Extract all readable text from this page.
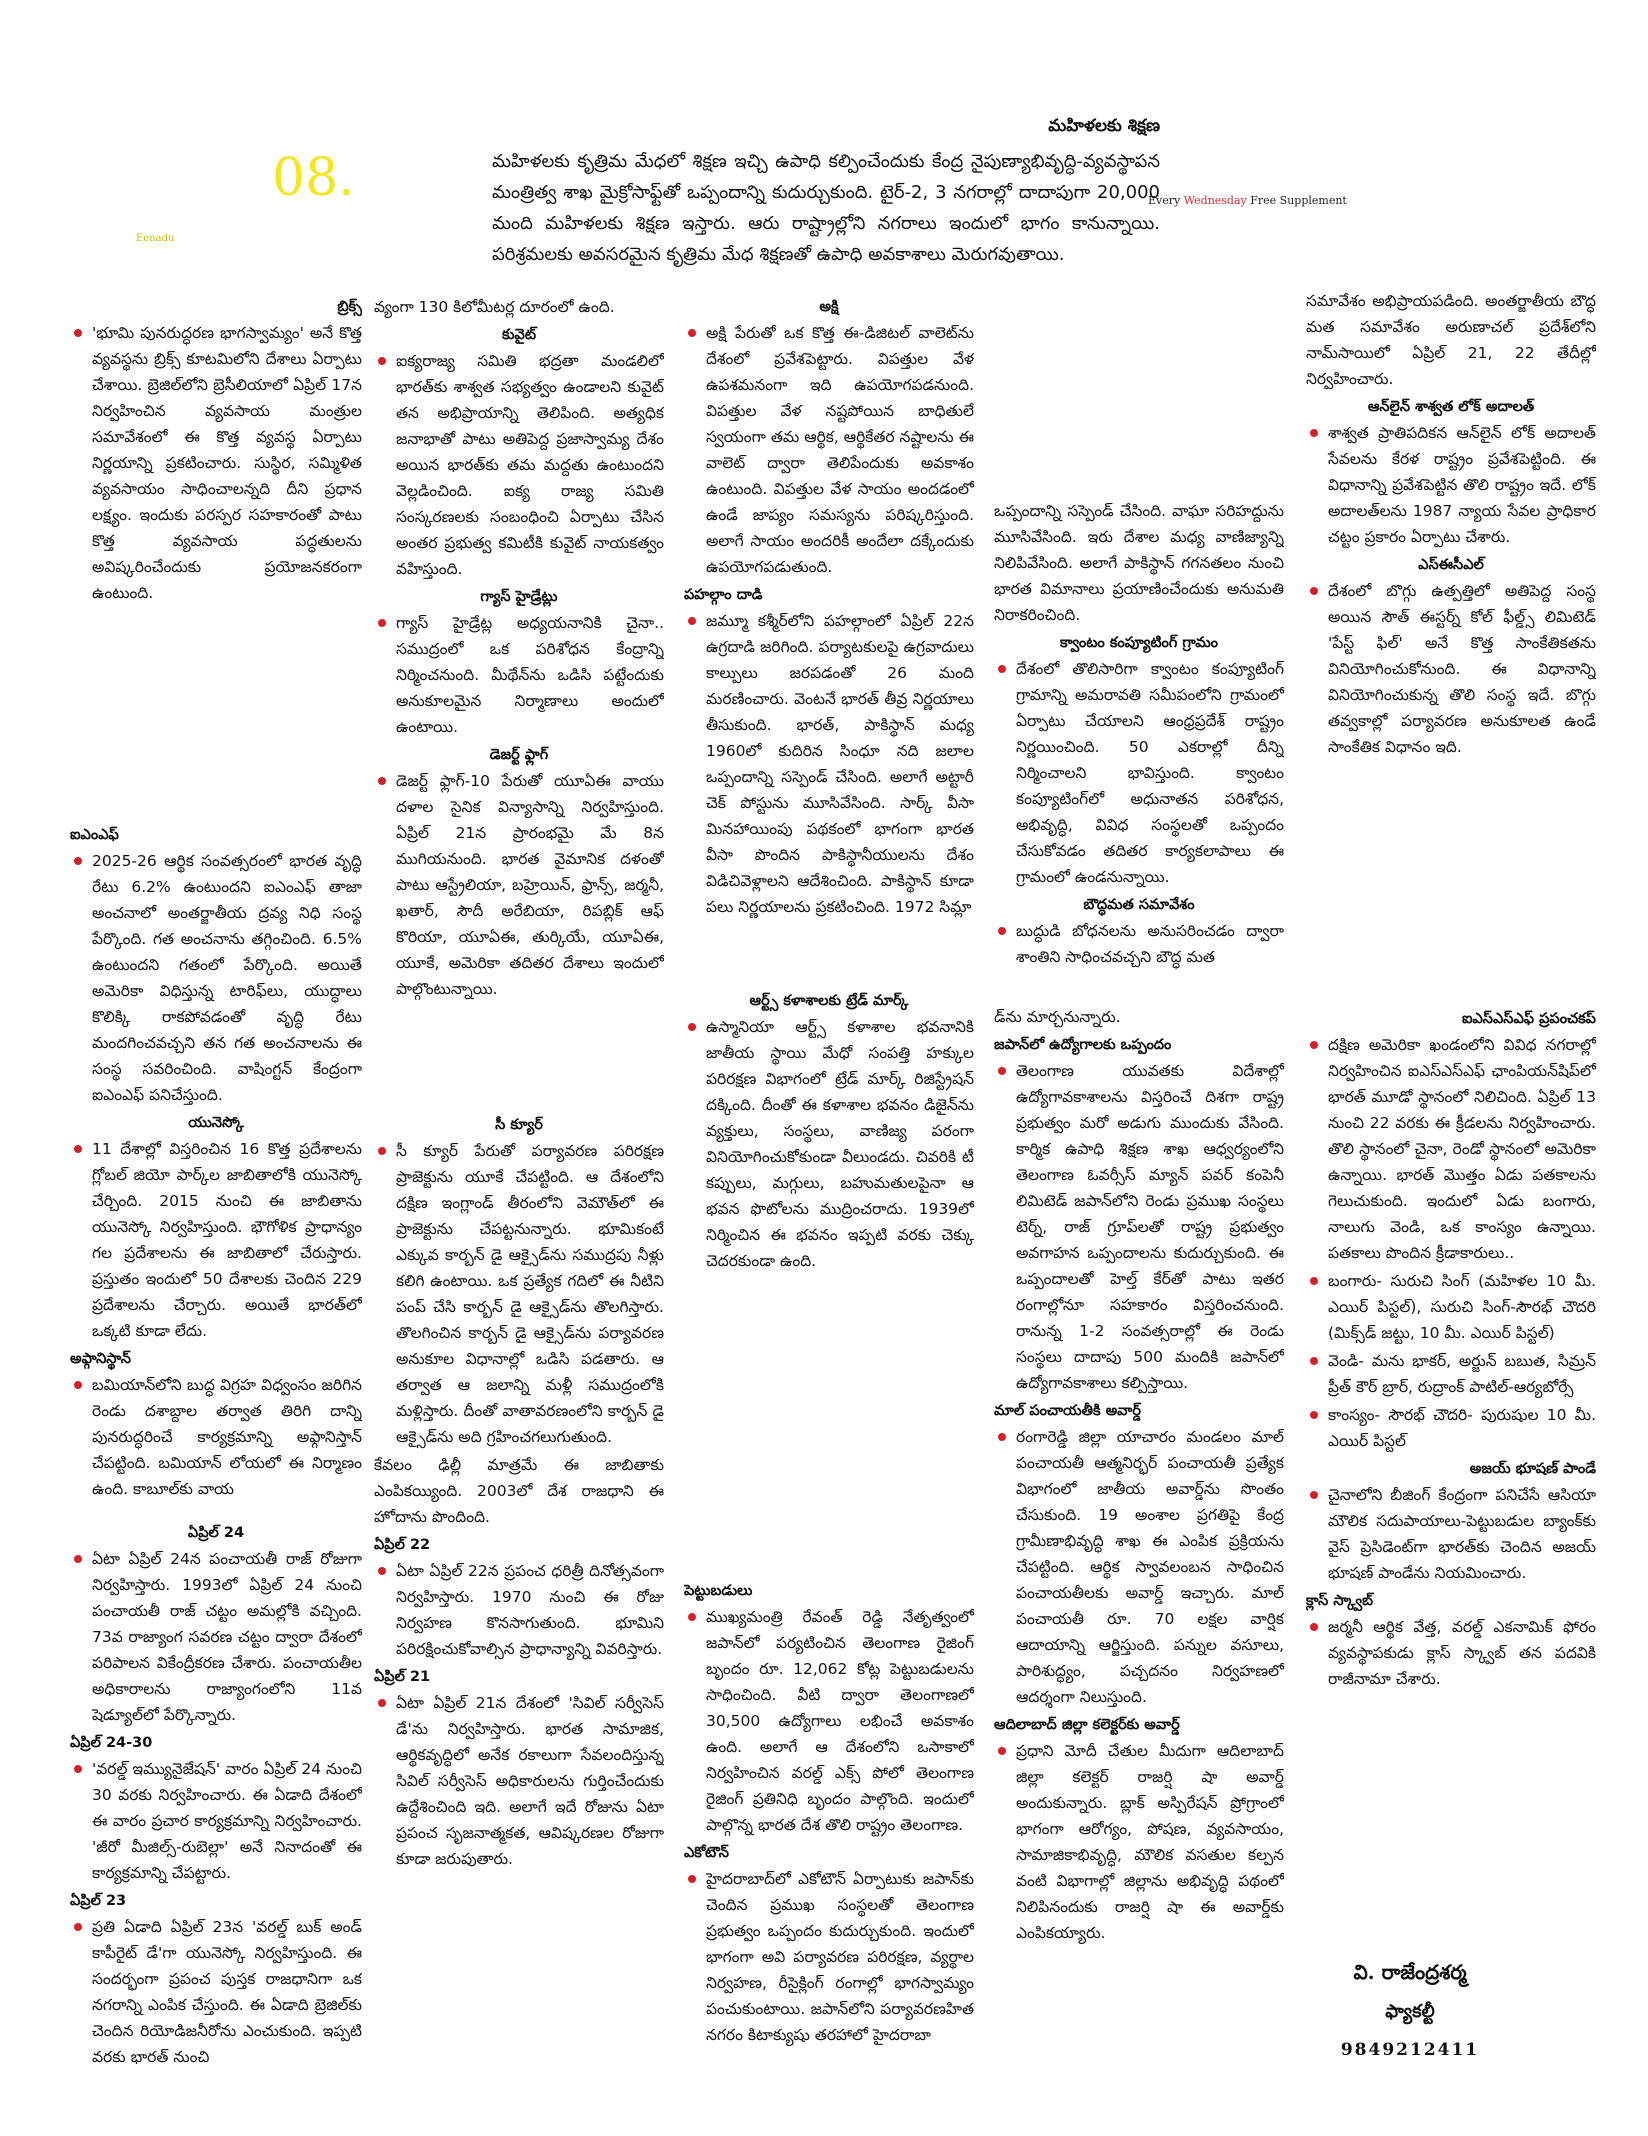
08.
Eenadu
Every Wednesday Free Supplement
మహిళలకు శిక్షణ
మహిళలకు కృత్రిమ మేధలో శిక్షణ ఇచ్చి ఉపాధి కల్పించేందుకు కేంద్ర నైపుణ్యాభివృద్ధి-వ్యవస్థాపన మంత్రిత్వ శాఖ మైక్రోసాఫ్ట్‌తో ఒప్పందాన్ని కుదుర్చుకుంది. టైర్-2, 3 నగరాల్లో దాదాపుగా 20,000 మంది మహిళలకు శిక్షణ ఇస్తారు. ఆరు రాష్ట్రాల్లోని నగరాలు ఇందులో భాగం కానున్నాయి. పరిశ్రమలకు అవసరమైన కృత్రిమ మేధ శిక్షణతో ఉపాధి అవకాశాలు మెరుగవుతాయి.

బ్రిక్స్

'భూమి పునరుద్ధరణ భాగస్వామ్యం' అనే కొత్త వ్యవస్థను బ్రిక్స్ కూటమిలోని దేశాలు ఏర్పాటు చేశాయి. బ్రెజిల్‌లోని బ్రెసీలియాలో ఏప్రిల్ 17న నిర్వహించిన వ్యవసాయ మంత్రుల సమావేశంలో ఈ కొత్త వ్యవస్థ ఏర్పాటు నిర్ణయాన్ని ప్రకటించారు. సుస్థిర, సమ్మిళిత వ్యవసాయం సాధించాలన్నది దీని ప్రధాన లక్ష్యం. ఇందుకు పరస్పర సహకారంతో పాటు కొత్త వ్యవసాయ పద్ధతులను అవిష్కరించేందుకు ప్రయోజనకరంగా ఉంటుంది.

ఐఎంఎఫ్

2025-26 ఆర్థిక సంవత్సరంలో భారత వృద్ధి రేటు 6.2% ఉంటుందని ఐఎంఎఫ్ తాజా అంచనాలో అంతర్జాతీయ ద్రవ్య నిధి సంస్థ పేర్కొంది. గత అంచనాను తగ్గించింది. 6.5% ఉంటుందని గతంలో పేర్కొంది. అయితే అమెరికా విధిస్తున్న టారిఫ్‌లు, యుద్ధాలు కొలిక్కి రాకపోవడంతో వృద్ధి రేటు మందగించవచ్చని తన గత అంచనాలను ఈ సంస్థ సవరించింది. వాషింగ్టన్ కేంద్రంగా ఐఎంఎఫ్ పనిచేస్తుంది.

యునెస్కో

11 దేశాల్లో విస్తరించిన 16 కొత్త ప్రదేశాలను గ్లోబల్ జియో పార్క్‌ల జాబితాలోకి యునెస్కో చేర్చింది. 2015 నుంచి ఈ జాబితాను యునెస్కో నిర్వహిస్తుంది. భౌగోళిక ప్రాధాన్యం గల ప్రదేశాలను ఈ జాబితాలో చేరుస్తారు. ప్రస్తుతం ఇందులో 50 దేశాలకు చెందిన 229 ప్రదేశాలను చేర్చారు. అయితే భారత్‌లో ఒక్కటి కూడా లేదు.

అఫ్గానిస్థాన్

బమియాన్‌లోని బుద్ధ విగ్రహ విధ్వంసం జరిగిన రెండు దశాబ్దాల తర్వాత తిరిగి దాన్ని పునరుద్ధరించే కార్యక్రమాన్ని అఫ్గానిస్తాన్ చేపట్టింది. బమియాన్ లోయలో ఈ నిర్మాణం ఉంది. కాబూల్‌కు వాయ

ఏప్రిల్ 24

ఏటా ఏప్రిల్ 24న పంచాయతీ రాజ్ రోజుగా నిర్వహిస్తారు. 1993లో ఏప్రిల్ 24 నుంచి పంచాయతీ రాజ్ చట్టం అమల్లోకి వచ్చింది. 73వ రాజ్యాంగ సవరణ చట్టం ద్వారా దేశంలో పరిపాలన వికేంద్రీకరణ చేశారు. పంచాయతీల అధికారాలను రాజ్యాంగంలోని 11వ షెడ్యూల్‌లో పేర్కొన్నారు.

ఏప్రిల్ 24-30

'వరల్డ్ ఇమ్యునైజేషన్' వారం ఏప్రిల్ 24 నుంచి 30 వరకు నిర్వహించారు. ఈ ఏడాది దేశంలో ఈ వారం ప్రచార కార్యక్రమాన్ని నిర్వహించారు. 'జీరో మీజిల్స్-రుబెల్లా' అనే నినాదంతో ఈ కార్యక్రమాన్ని చేపట్టారు.

ఏప్రిల్ 23

ప్రతి ఏడాది ఏప్రిల్ 23న 'వరల్డ్ బుక్ అండ్ కాపీరైట్ డే'గా యునెస్కో నిర్వహిస్తుంది. ఈ సందర్భంగా ప్రపంచ పుస్తక రాజధానిగా ఒక నగరాన్ని ఎంపిక చేస్తుంది. ఈ ఏడాది బ్రెజిల్‌కు చెందిన రియోడిజనీరోను ఎంచుకుంది. ఇప్పటి వరకు భారత్ నుంచి

వ్యంగా 130 కిలోమీటర్ల దూరంలో ఉంది.

కువైట్

ఐక్యరాజ్య సమితి భద్రతా మండలిలో భారత్‌కు శాశ్వత సభ్యత్వం ఉండాలని కువైట్ తన అభిప్రాయాన్ని తెలిపింది. అత్యధిక జనాభాతో పాటు అతిపెద్ద ప్రజాస్వామ్య దేశం అయిన భారత్‌కు తమ మద్దతు ఉంటుందని వెల్లడించింది. ఐక్య రాజ్య సమితి సంస్కరణలకు సంబంధించి ఏర్పాటు చేసిన అంతర ప్రభుత్వ కమిటీకి కువైట్ నాయకత్వం వహిస్తుంది.

గ్యాస్ హైడ్రేట్లు

గ్యాస్ హైడ్రేట్ల అధ్యయనానికి చైనా.. సముద్రంలో ఒక పరిశోధన కేంద్రాన్ని నిర్మించనుంది. మీథేన్‌ను ఒడిసి పట్టేందుకు అనుకూలమైన నిర్మాణాలు అందులో ఉంటాయి.

డెజర్ట్ ఫ్లాగ్

డెజర్ట్ ఫ్లాగ్-10 పేరుతో యూఏఈ వాయు దళాల సైనిక విన్యాసాన్ని నిర్వహిస్తుంది. ఏప్రిల్ 21న ప్రారంభమై మే 8న ముగియనుంది. భారత వైమానిక దళంతో పాటు ఆస్ట్రేలియా, బహ్రెయిన్, ఫ్రాన్స్, జర్మనీ, ఖతార్, సౌదీ అరేబియా, రిపబ్లిక్ ఆఫ్ కొరియా, యూఏఈ, తుర్కియే, యూఏఈ, యూకే, అమెరికా తదితర దేశాలు ఇందులో పాల్గొంటున్నాయి.

సీ క్యూర్

సీ క్యూర్ పేరుతో పర్యావరణ పరిరక్షణ ప్రాజెక్టును యూకే చేపట్టింది. ఆ దేశంలోని దక్షిణ ఇంగ్లాండ్ తీరంలోని వెమౌత్‌లో ఈ ప్రాజెక్టును చేపట్టనున్నారు. భూమికంటే ఎక్కువ కార్బన్ డై ఆక్సైడ్‌ను సముద్రపు నీళ్లు కలిగి ఉంటాయి. ఒక ప్రత్యేక గదిలో ఈ నీటిని పంప్ చేసి కార్బన్ డై ఆక్సైడ్‌ను తొలగిస్తారు. తొలగించిన కార్బన్ డై ఆక్సైడ్‌ను పర్యావరణ అనుకూల విధానాల్లో ఒడిసి పడతారు. ఆ తర్వాత ఆ జలాన్ని మళ్లీ సముద్రంలోకి మళ్లిస్తారు. దీంతో వాతావరణంలోని కార్బన్ డై ఆక్సైడ్‌ను అది గ్రహించగలుగుతుంది.

కేవలం ఢిల్లీ మాత్రమే ఈ జాబితాకు ఎంపికయ్యింది. 2003లో దేశ రాజధాని ఈ హోదాను పొందింది.

ఏప్రిల్ 22

ఏటా ఏప్రిల్ 22న ప్రపంచ ధరిత్రీ దినోత్సవంగా నిర్వహిస్తారు. 1970 నుంచి ఈ రోజు నిర్వహణ కొనసాగుతుంది. భూమిని పరిరక్షించుకోవాల్సిన ప్రాధాన్యాన్ని వివరిస్తారు.

ఏప్రిల్ 21

ఏటా ఏప్రిల్ 21న దేశంలో 'సివిల్ సర్వీసెస్ డే'ను నిర్వహిస్తారు. భారత సామాజిక, ఆర్థికవృద్ధిలో అనేక రకాలుగా సేవలందిస్తున్న సివిల్ సర్వీసెస్ అధికారులను గుర్తించేందుకు ఉద్దేశించింది ఇది. అలాగే ఇదే రోజును ఏటా ప్రపంచ సృజనాత్మకత, ఆవిష్కరణల రోజుగా కూడా జరుపుతారు.

అక్షి

అక్షి పేరుతో ఒక కొత్త ఈ-డిజిటల్ వాలెట్‌ను దేశంలో ప్రవేశపెట్టారు. విపత్తుల వేళ ఉపశమనంగా ఇది ఉపయోగపడనుంది. విపత్తుల వేళ నష్టపోయిన బాధితులే స్వయంగా తమ ఆర్థిక, ఆర్థికేతర నష్టాలను ఈ వాలెట్ ద్వారా తెలిపేందుకు అవకాశం ఉంటుంది. విపత్తుల వేళ సాయం అందడంలో ఉండే జాప్యం సమస్యను పరిష్కరిస్తుంది. అలాగే సాయం అందరికీ అందేలా దక్కేందుకు ఉపయోగపడుతుంది.

పహల్గాం దాడి

జమ్మూ కశ్మీర్‌లోని పహల్గాంలో ఏప్రిల్ 22న ఉగ్రదాడి జరిగింది. పర్యాటకులపై ఉగ్రవాదులు కాల్పులు జరపడంతో 26 మంది మరణించారు. వెంటనే భారత్ తీవ్ర నిర్ణయాలు తీసుకుంది. భారత్, పాకిస్థాన్ మధ్య 1960లో కుదిరిన సింధూ నది జలాల ఒప్పందాన్ని సస్పెండ్ చేసింది. అలాగే అట్టారీ చెక్ పోస్టును మూసివేసింది. సార్క్ వీసా మినహాయింపు పథకంలో భాగంగా భారత వీసా పొందిన పాకిస్థానీయులను దేశం విడిచివెళ్లాలని ఆదేశించింది. పాకిస్థాన్ కూడా పలు నిర్ణయాలను ప్రకటించింది. 1972 సిమ్లా

ఆర్ట్స్ కళాశాలకు ట్రేడ్ మార్క్

ఉస్మానియా ఆర్ట్స్ కళాశాల భవనానికి జాతీయ స్థాయి మేధో సంపత్తి హక్కుల పరిరక్షణ విభాగంలో ట్రేడ్ మార్క్ రిజిస్ట్రేషన్ దక్కింది. దీంతో ఈ కళాశాల భవనం డిజైన్‌ను వ్యక్తులు, సంస్థలు, వాణిజ్య పరంగా వినియోగించుకోకుండా వీలుండదు. చివరికి టీ కప్పులు, మగ్గులు, బహుమతులపైనా ఆ భవన ఫొటోలను ముద్రించరాదు. 1939లో నిర్మించిన ఈ భవనం ఇప్పటి వరకు చెక్కు చెదరకుండా ఉంది.

పెట్టుబడులు

ముఖ్యమంత్రి రేవంత్ రెడ్డి నేతృత్వంలో జపాన్‌లో పర్యటించిన తెలంగాణ రైజింగ్ బృందం రూ. 12,062 కోట్ల పెట్టుబడులను సాధించింది. వీటి ద్వారా తెలంగాణలో 30,500 ఉద్యోగాలు లభించే అవకాశం ఉంది. అలాగే ఆ దేశంలోని ఒసాకాలో నిర్వహించిన వరల్డ్ ఎక్స్ పోలో తెలంగాణ రైజింగ్ ప్రతినిధి బృందం పాల్గొంది. ఇందులో పాల్గొన్న భారత దేశ తొలి రాష్ట్రం తెలంగాణ.

ఎకోటౌన్

హైదరాబాద్‌లో ఎకోటౌన్ ఏర్పాటుకు జపాన్‌కు చెందిన ప్రముఖ సంస్థలతో తెలంగాణ ప్రభుత్వం ఒప్పందం కుదుర్చుకుంది. ఇందులో భాగంగా అవి పర్యావరణ పరిరక్షణ, వ్యర్థాల నిర్వహణ, రీసైక్లింగ్ రంగాల్లో భాగస్వామ్యం పంచుకుంటాయి. జపాన్‌లోని పర్యావరణహిత నగరం కిటాక్యుషు తరహాలో హైదరాబా

ఒప్పందాన్ని సస్పెండ్ చేసింది. వాఘా సరిహద్దును మూసివేసింది. ఇరు దేశాల మధ్య వాణిజ్యాన్ని నిలిపివేసింది. అలాగే పాకిస్థాన్ గగనతలం నుంచి భారత విమానాలు ప్రయాణించేందుకు అనుమతి నిరాకరించింది.

క్వాంటం కంప్యూటింగ్ గ్రామం

దేశంలో తొలిసారిగా క్వాంటం కంప్యూటింగ్ గ్రామాన్ని అమరావతి సమీపంలోని గ్రామంలో ఏర్పాటు చేయాలని ఆంధ్రప్రదేశ్ రాష్ట్రం నిర్ణయించింది. 50 ఎకరాల్లో దీన్ని నిర్మించాలని భావిస్తుంది. క్వాంటం కంప్యూటింగ్‌లో అధునాతన పరిశోధన, అభివృద్ధి, వివిధ సంస్థలతో ఒప్పందం చేసుకోవడం తదితర కార్యకలాపాలు ఈ గ్రామంలో ఉండనున్నాయి.

బౌద్ధమత సమావేశం

బుద్ధుడి బోధనలను అనుసరించడం ద్వారా శాంతిని సాధించవచ్చని బౌద్ధ మత

డ్‌ను మార్చనున్నారు.

జపాన్‌లో ఉద్యోగాలకు ఒప్పందం

తెలంగాణ యువతకు విదేశాల్లో ఉద్యోగావకాశాలను విస్తరించే దిశగా రాష్ట్ర ప్రభుత్వం మరో అడుగు ముందుకు వేసింది. కార్మిక ఉపాధి శిక్షణ శాఖ ఆధ్వర్యంలోని తెలంగాణ ఓవర్సీస్ మ్యాన్ పవర్ కంపెనీ లిమిటెడ్ జపాన్‌లోని రెండు ప్రముఖ సంస్థలు టెర్న్, రాజ్ గ్రూప్‌లతో రాష్ట్ర ప్రభుత్వం అవగాహన ఒప్పందాలను కుదుర్చుకుంది. ఈ ఒప్పందాలతో హెల్త్ కేర్‌తో పాటు ఇతర రంగాల్లోనూ సహకారం విస్తరించనుంది. రానున్న 1-2 సంవత్సరాల్లో ఈ రెండు సంస్థలు దాదాపు 500 మందికి జపాన్‌లో ఉద్యోగావకాశాలు కల్పిస్తాయి.

మాల్ పంచాయతీకి అవార్డ్

రంగారెడ్డి జిల్లా యాచారం మండలం మాల్ పంచాయతీ ఆత్మనిర్భర్ పంచాయతీ ప్రత్యేక విభాగంలో జాతీయ అవార్డ్‌ను సొంతం చేసుకుంది. 19 అంశాల ప్రగతిపై కేంద్ర గ్రామీణాభివృద్ధి శాఖ ఈ ఎంపిక ప్రక్రియను చేపట్టింది. ఆర్థిక స్వావలంబన సాధించిన పంచాయతీలకు అవార్డ్ ఇచ్చారు. మాల్ పంచాయతీ రూ. 70 లక్షల వార్షిక ఆదాయాన్ని ఆర్జిస్తుంది. పన్నుల వసూలు, పారిశుద్ధ్యం, పచ్చదనం నిర్వహణలో ఆదర్శంగా నిలుస్తుంది.

ఆదిలాబాద్ జిల్లా కలెక్టర్‌కు అవార్డ్

ప్రధాని మోదీ చేతుల మీదుగా ఆదిలాబాద్ జిల్లా కలెక్టర్ రాజర్షి షా అవార్డ్ అందుకున్నారు. బ్లాక్ అస్పిరేషన్ ప్రోగ్రాంలో భాగంగా ఆరోగ్యం, పోషణ, వ్యవసాయం, సామాజికాభివృద్ధి, మౌలిక వసతుల కల్పన వంటి విభాగాల్లో జిల్లాను అభివృద్ధి పథంలో నిలిపినందుకు రాజర్షి షా ఈ అవార్డ్‌కు ఎంపికయ్యారు.

సమావేశం అభిప్రాయపడింది. అంతర్జాతీయ బౌద్ధ మత సమావేశం అరుణాచల్ ప్రదేశ్‌లోని నామ్‌సాయిలో ఏప్రిల్ 21, 22 తేదీల్లో నిర్వహించారు.

ఆన్‌లైన్ శాశ్వత లోక్ అదాలత్

శాశ్వత ప్రాతిపదికన ఆన్‌లైన్ లోక్ అదాలత్ సేవలను కేరళ రాష్ట్రం ప్రవేశపెట్టింది. ఈ విధానాన్ని ప్రవేశపెట్టిన తొలి రాష్ట్రం ఇదే. లోక్ అదాలత్‌లను 1987 న్యాయ సేవల ప్రాధికార చట్టం ప్రకారం ఏర్పాటు చేశారు.

ఎస్ఈసీఎల్

దేశంలో బొగ్గు ఉత్పత్తిలో అతిపెద్ద సంస్థ అయిన సౌత్ ఈస్టర్న్ కోల్ ఫీల్డ్స్ లిమిటెడ్ 'పేస్ట్ ఫిల్' అనే కొత్త సాంకేతికతను వినియోగించుకోనుంది. ఈ విధానాన్ని వినియోగించుకున్న తొలి సంస్థ ఇదే. బొగ్గు తవ్వకాల్లో పర్యావరణ అనుకూలత ఉండే సాంకేతిక విధానం ఇది.

ఐఎస్ఎస్ఎఫ్ ప్రపంచకప్

దక్షిణ అమెరికా ఖండంలోని వివిధ నగరాల్లో నిర్వహించిన ఐఎస్ఎస్ఎఫ్ ఛాంపియన్‌షిప్‌లో భారత్ మూడో స్థానంలో నిలిచింది. ఏప్రిల్ 13 నుంచి 22 వరకు ఈ క్రీడలను నిర్వహించారు. తొలి స్థానంలో చైనా, రెండో స్థానంలో అమెరికా ఉన్నాయి. భారత్ మొత్తం ఏడు పతకాలను గెలుచుకుంది. ఇందులో ఏడు బంగారు, నాలుగు వెండి, ఒక కాంస్యం ఉన్నాయి. పతకాలు పొందిన క్రీడాకారులు..

బంగారు- సురుచి సింగ్ (మహిళల 10 మీ. ఎయిర్ పిస్టల్), సురుచి సింగ్-సౌరభ్ చౌదరి (మిక్స్‌డ్ జట్టు, 10 మీ. ఎయిర్ పిస్టల్)

వెండి- మను భాకర్, అర్జున్ బబుత, సిమ్రన్ ప్రీత్ కౌర్ బ్రార్, రుద్రాంక్ పాటిల్-ఆర్యబోర్సే

కాంస్యం- సౌరభ్ చౌదరి- పురుషుల 10 మీ. ఎయిర్ పిస్టల్

అజయ్ భూషణ్ పాండే

చైనాలోని బీజింగ్ కేంద్రంగా పనిచేసే ఆసియా మౌలిక సదుపాయాలు-పెట్టుబడుల బ్యాంక్‌కు వైస్ ప్రెసిడెంట్‌గా భారత్‌కు చెందిన అజయ్ భూషణ్ పాండేను నియమించారు.

క్లాస్ స్క్వాబ్

జర్మనీ ఆర్థిక వేత్త, వరల్డ్ ఎకనామిక్ ఫోరం వ్యవస్థాపకుడు క్లాస్ స్క్వాబ్ తన పదవికి రాజీనామా చేశారు.

వి. రాజేంద్రశర్మ
ఫ్యాకల్టీ
9849212411
